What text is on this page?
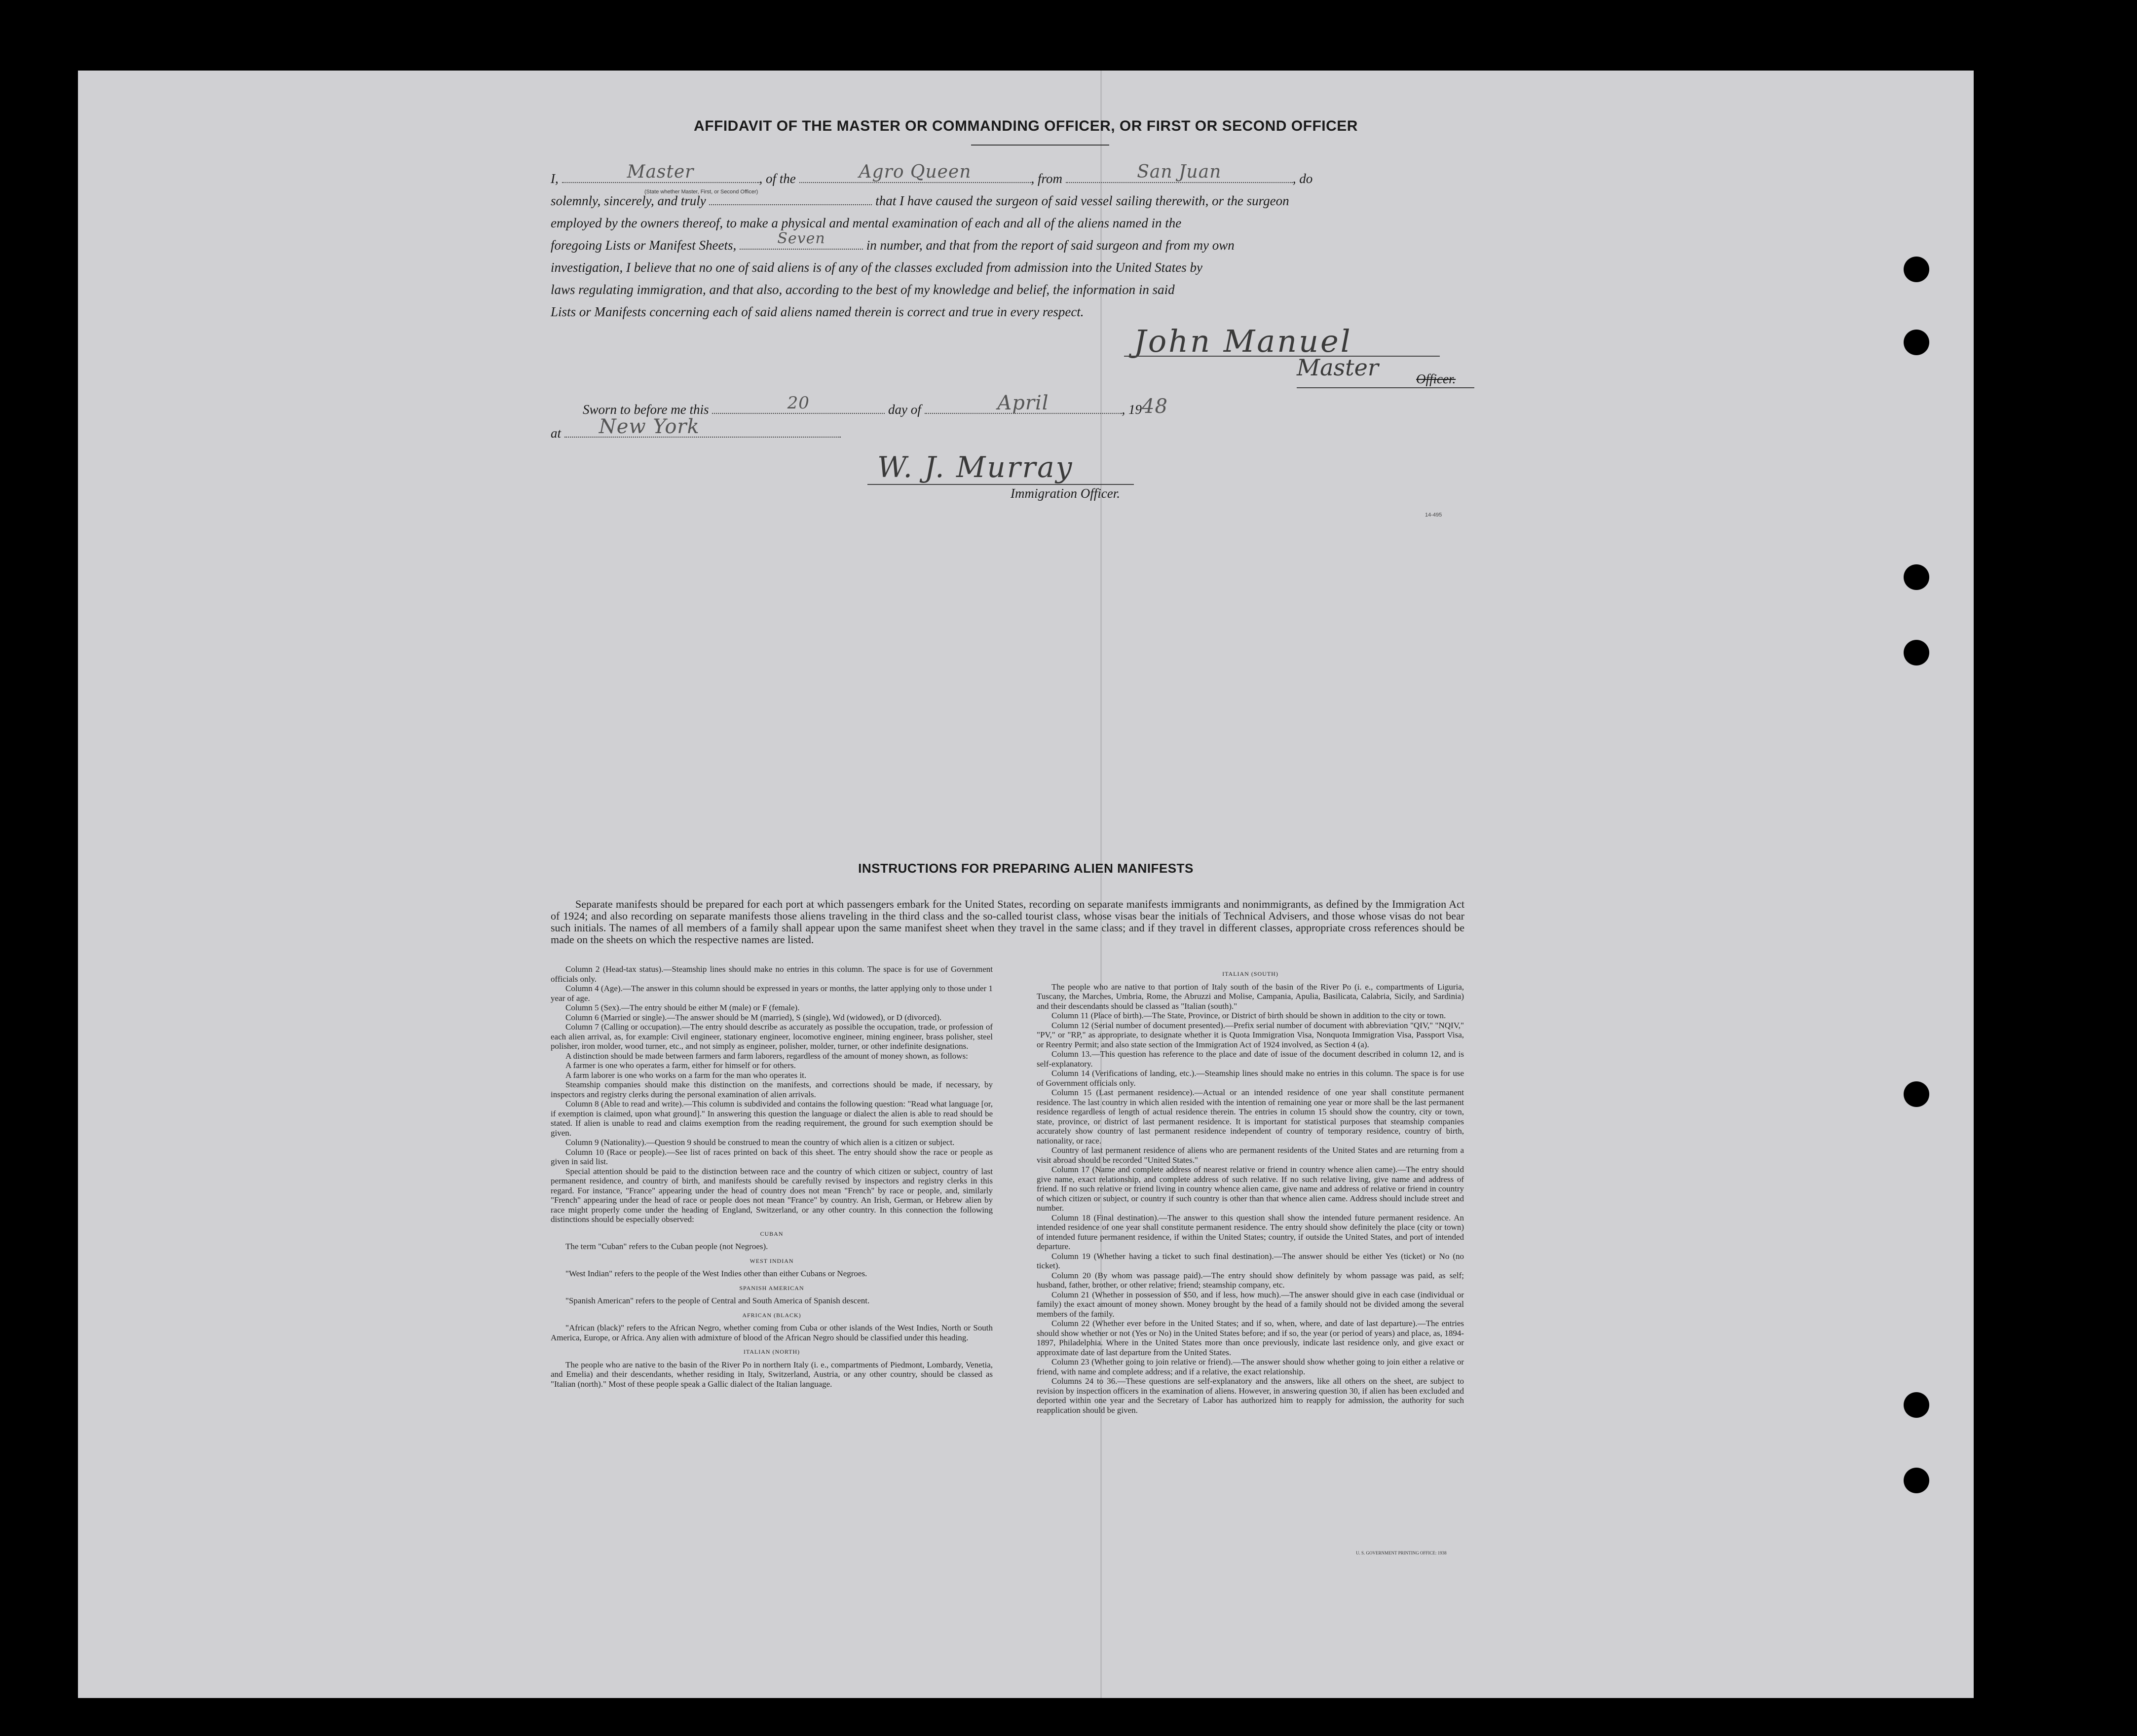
AFFIDAVIT OF THE MASTER OR COMMANDING OFFICER, OR FIRST OR SECOND OFFICER
I,	Master	, of the	Agro Queen	, from	San Juan	, do
(State whether Master, First, or Second Officer)
solemnly, sincerely, and truly	that I have caused the surgeon of said vessel sailing therewith, or the surgeon
employed by the owners thereof, to make a physical and mental examination of each and all of the aliens named in the
foregoing Lists or Manifest Sheets,	Seven	in number, and that from the report of said surgeon and from my own
investigation, I believe that no one of said aliens is of any of the classes excluded from admission into the United States by
laws regulating immigration, and that also, according to the best of my knowledge and belief, the information in said
Lists or Manifests concerning each of said aliens named therein is correct and true in every respect.
John Manuel
Master	Officer.
Sworn to before me this	20	day of	April	, 1948
at	New York
W. J. Murray
Immigration Officer.
14-495
INSTRUCTIONS FOR PREPARING ALIEN MANIFESTS
Separate manifests should be prepared for each port at which passengers embark for the United States, recording on separate manifests immigrants and nonimmigrants, as defined by the Immigration Act of 1924; and also recording on separate manifests those aliens traveling in the third class and the so-called tourist class, whose visas bear the initials of Technical Advisers, and those whose visas do not bear such initials. The names of all members of a family shall appear upon the same manifest sheet when they travel in the same class; and if they travel in different classes, appropriate cross references should be made on the sheets on which the respective names are listed.

Column 2 (Head-tax status).—Steamship lines should make no entries in this column. The space is for use of Government officials only.

Column 4 (Age).—The answer in this column should be expressed in years or months, the latter applying only to those under 1 year of age.

Column 5 (Sex).—The entry should be either M (male) or F (female).

Column 6 (Married or single).—The answer should be M (married), S (single), Wd (widowed), or D (divorced).

Column 7 (Calling or occupation).—The entry should describe as accurately as possible the occupation, trade, or profession of each alien arrival, as, for example: Civil engineer, stationary engineer, locomotive engineer, mining engineer, brass polisher, steel polisher, iron molder, wood turner, etc., and not simply as engineer, polisher, molder, turner, or other indefinite designations.

A distinction should be made between farmers and farm laborers, regardless of the amount of money shown, as follows:

A farmer is one who operates a farm, either for himself or for others.

A farm laborer is one who works on a farm for the man who operates it.

Steamship companies should make this distinction on the manifests, and corrections should be made, if necessary, by inspectors and registry clerks during the personal examination of alien arrivals.

Column 8 (Able to read and write).—This column is subdivided and contains the following question: "Read what language [or, if exemption is claimed, upon what ground]." In answering this question the language or dialect the alien is able to read should be stated. If alien is unable to read and claims exemption from the reading requirement, the ground for such exemption should be given.

Column 9 (Nationality).—Question 9 should be construed to mean the country of which alien is a citizen or subject.

Column 10 (Race or people).—See list of races printed on back of this sheet. The entry should show the race or people as given in said list.

Special attention should be paid to the distinction between race and the country of which citizen or subject, country of last permanent residence, and country of birth, and manifests should be carefully revised by inspectors and registry clerks in this regard. For instance, "France" appearing under the head of country does not mean "French" by race or people, and, similarly "French" appearing under the head of race or people does not mean "France" by country. An Irish, German, or Hebrew alien by race might properly come under the heading of England, Switzerland, or any other country. In this connection the following distinctions should be especially observed:

CUBAN

The term "Cuban" refers to the Cuban people (not Negroes).

WEST INDIAN

"West Indian" refers to the people of the West Indies other than either Cubans or Negroes.

SPANISH AMERICAN

"Spanish American" refers to the people of Central and South America of Spanish descent.

AFRICAN (BLACK)

"African (black)" refers to the African Negro, whether coming from Cuba or other islands of the West Indies, North or South America, Europe, or Africa. Any alien with admixture of blood of the African Negro should be classified under this heading.

ITALIAN (NORTH)

The people who are native to the basin of the River Po in northern Italy (i. e., compartments of Piedmont, Lombardy, Venetia, and Emelia) and their descendants, whether residing in Italy, Switzerland, Austria, or any other country, should be classed as "Italian (north)." Most of these people speak a Gallic dialect of the Italian language.

ITALIAN (SOUTH)

The people who are native to that portion of Italy south of the basin of the River Po (i. e., compartments of Liguria, Tuscany, the Marches, Umbria, Rome, the Abruzzi and Molise, Campania, Apulia, Basilicata, Calabria, Sicily, and Sardinia) and their descendants should be classed as "Italian (south)."

Column 11 (Place of birth).—The State, Province, or District of birth should be shown in addition to the city or town.

Column 12 (Serial number of document presented).—Prefix serial number of document with abbreviation "QIV," "NQIV," "PV," or "RP," as appropriate, to designate whether it is Quota Immigration Visa, Nonquota Immigration Visa, Passport Visa, or Reentry Permit; and also state section of the Immigration Act of 1924 involved, as Section 4 (a).

Column 13.—This question has reference to the place and date of issue of the document described in column 12, and is self-explanatory.

Column 14 (Verifications of landing, etc.).—Steamship lines should make no entries in this column. The space is for use of Government officials only.

Column 15 (Last permanent residence).—Actual or an intended residence of one year shall constitute permanent residence. The last country in which alien resided with the intention of remaining one year or more shall be the last permanent residence regardless of length of actual residence therein. The entries in column 15 should show the country, city or town, state, province, or district of last permanent residence. It is important for statistical purposes that steamship companies accurately show country of last permanent residence independent of country of temporary residence, country of birth, nationality, or race.

Country of last permanent residence of aliens who are permanent residents of the United States and are returning from a visit abroad should be recorded "United States."

Column 17 (Name and complete address of nearest relative or friend in country whence alien came).—The entry should give name, exact relationship, and complete address of such relative. If no such relative living, give name and address of friend. If no such relative or friend living in country whence alien came, give name and address of relative or friend in country of which citizen or subject, or country if such country is other than that whence alien came. Address should include street and number.

Column 18 (Final destination).—The answer to this question shall show the intended future permanent residence. An intended residence of one year shall constitute permanent residence. The entry should show definitely the place (city or town) of intended future permanent residence, if within the United States; country, if outside the United States, and port of intended departure.

Column 19 (Whether having a ticket to such final destination).—The answer should be either Yes (ticket) or No (no ticket).

Column 20 (By whom was passage paid).—The entry should show definitely by whom passage was paid, as self; husband, father, brother, or other relative; friend; steamship company, etc.

Column 21 (Whether in possession of $50, and if less, how much).—The answer should give in each case (individual or family) the exact amount of money shown. Money brought by the head of a family should not be divided among the several members of the family.

Column 22 (Whether ever before in the United States; and if so, when, where, and date of last departure).—The entries should show whether or not (Yes or No) in the United States before; and if so, the year (or period of years) and place, as, 1894-1897, Philadelphia. Where in the United States more than once previously, indicate last residence only, and give exact or approximate date of last departure from the United States.

Column 23 (Whether going to join relative or friend).—The answer should show whether going to join either a relative or friend, with name and complete address; and if a relative, the exact relationship.

Columns 24 to 36.—These questions are self-explanatory and the answers, like all others on the sheet, are subject to revision by inspection officers in the examination of aliens. However, in answering question 30, if alien has been excluded and deported within one year and the Secretary of Labor has authorized him to reapply for admission, the authority for such reapplication should be given.

U. S. GOVERNMENT PRINTING OFFICE: 1938
